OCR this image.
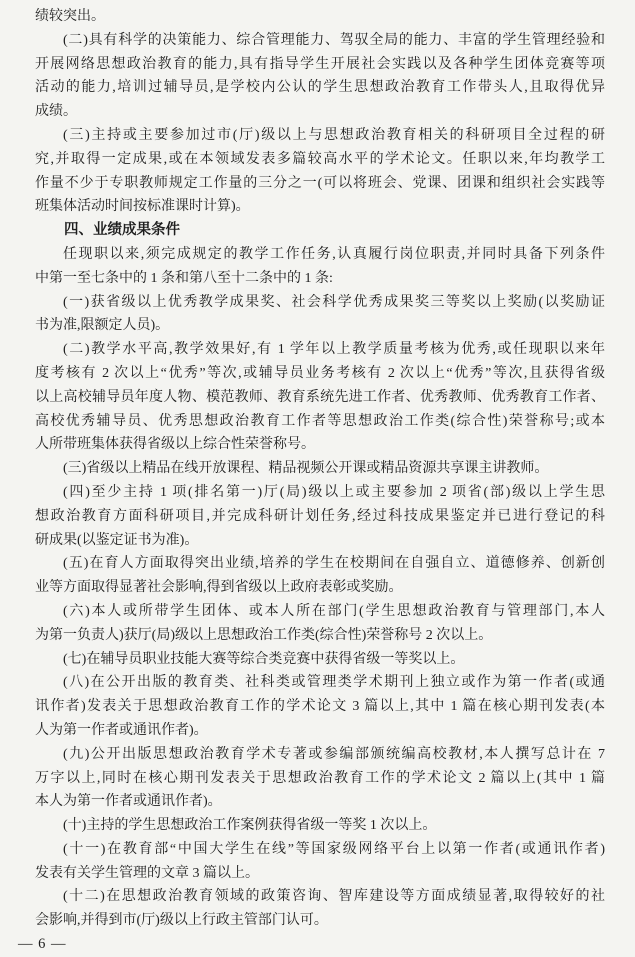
绩较突出。
(二)具有科学的决策能力、综合管理能力、驾驭全局的能力、丰富的学生管理经验和
开展网络思想政治教育的能力,具有指导学生开展社会实践以及各种学生团体竞赛等项
活动的能力,培训过辅导员,是学校内公认的学生思想政治教育工作带头人,且取得优异
成绩。
(三)主持或主要参加过市(厅)级以上与思想政治教育相关的科研项目全过程的研
究,并取得一定成果,或在本领域发表多篇较高水平的学术论文。任职以来,年均教学工
作量不少于专职教师规定工作量的三分之一(可以将班会、党课、团课和组织社会实践等
班集体活动时间按标准课时计算)。
四、业绩成果条件
任现职以来,须完成规定的教学工作任务,认真履行岗位职责,并同时具备下列条件
中第一至七条中的 1 条和第八至十二条中的 1 条:
(一)获省级以上优秀教学成果奖、社会科学优秀成果奖三等奖以上奖励(以奖励证
书为准,限额定人员)。
(二)教学水平高,教学效果好,有 1 学年以上教学质量考核为优秀,或任现职以来年
度考核有 2 次以上“优秀”等次,或辅导员业务考核有 2 次以上“优秀”等次,且获得省级
以上高校辅导员年度人物、模范教师、教育系统先进工作者、优秀教师、优秀教育工作者、
高校优秀辅导员、优秀思想政治教育工作者等思想政治工作类(综合性)荣誉称号;或本
人所带班集体获得省级以上综合性荣誉称号。
(三)省级以上精品在线开放课程、精品视频公开课或精品资源共享课主讲教师。
(四)至少主持 1 项(排名第一)厅(局)级以上或主要参加 2 项省(部)级以上学生思
想政治教育方面科研项目,并完成科研计划任务,经过科技成果鉴定并已进行登记的科
研成果(以鉴定证书为准)。
(五)在育人方面取得突出业绩,培养的学生在校期间在自强自立、道德修养、创新创
业等方面取得显著社会影响,得到省级以上政府表彰或奖励。
(六)本人或所带学生团体、或本人所在部门(学生思想政治教育与管理部门,本人
为第一负责人)获厅(局)级以上思想政治工作类(综合性)荣誉称号 2 次以上。
(七)在辅导员职业技能大赛等综合类竞赛中获得省级一等奖以上。
(八)在公开出版的教育类、社科类或管理类学术期刊上独立或作为第一作者(或通
讯作者)发表关于思想政治教育工作的学术论文 3 篇以上,其中 1 篇在核心期刊发表(本
人为第一作者或通讯作者)。
(九)公开出版思想政治教育学术专著或参编部颁统编高校教材,本人撰写总计在 7
万字以上,同时在核心期刊发表关于思想政治教育工作的学术论文 2 篇以上(其中 1 篇
本人为第一作者或通讯作者)。
(十)主持的学生思想政治工作案例获得省级一等奖 1 次以上。
(十一)在教育部“中国大学生在线”等国家级网络平台上以第一作者(或通讯作者)
发表有关学生管理的文章 3 篇以上。
(十二)在思想政治教育领域的政策咨询、智库建设等方面成绩显著,取得较好的社
会影响,并得到市(厅)级以上行政主管部门认可。
— 6 —
